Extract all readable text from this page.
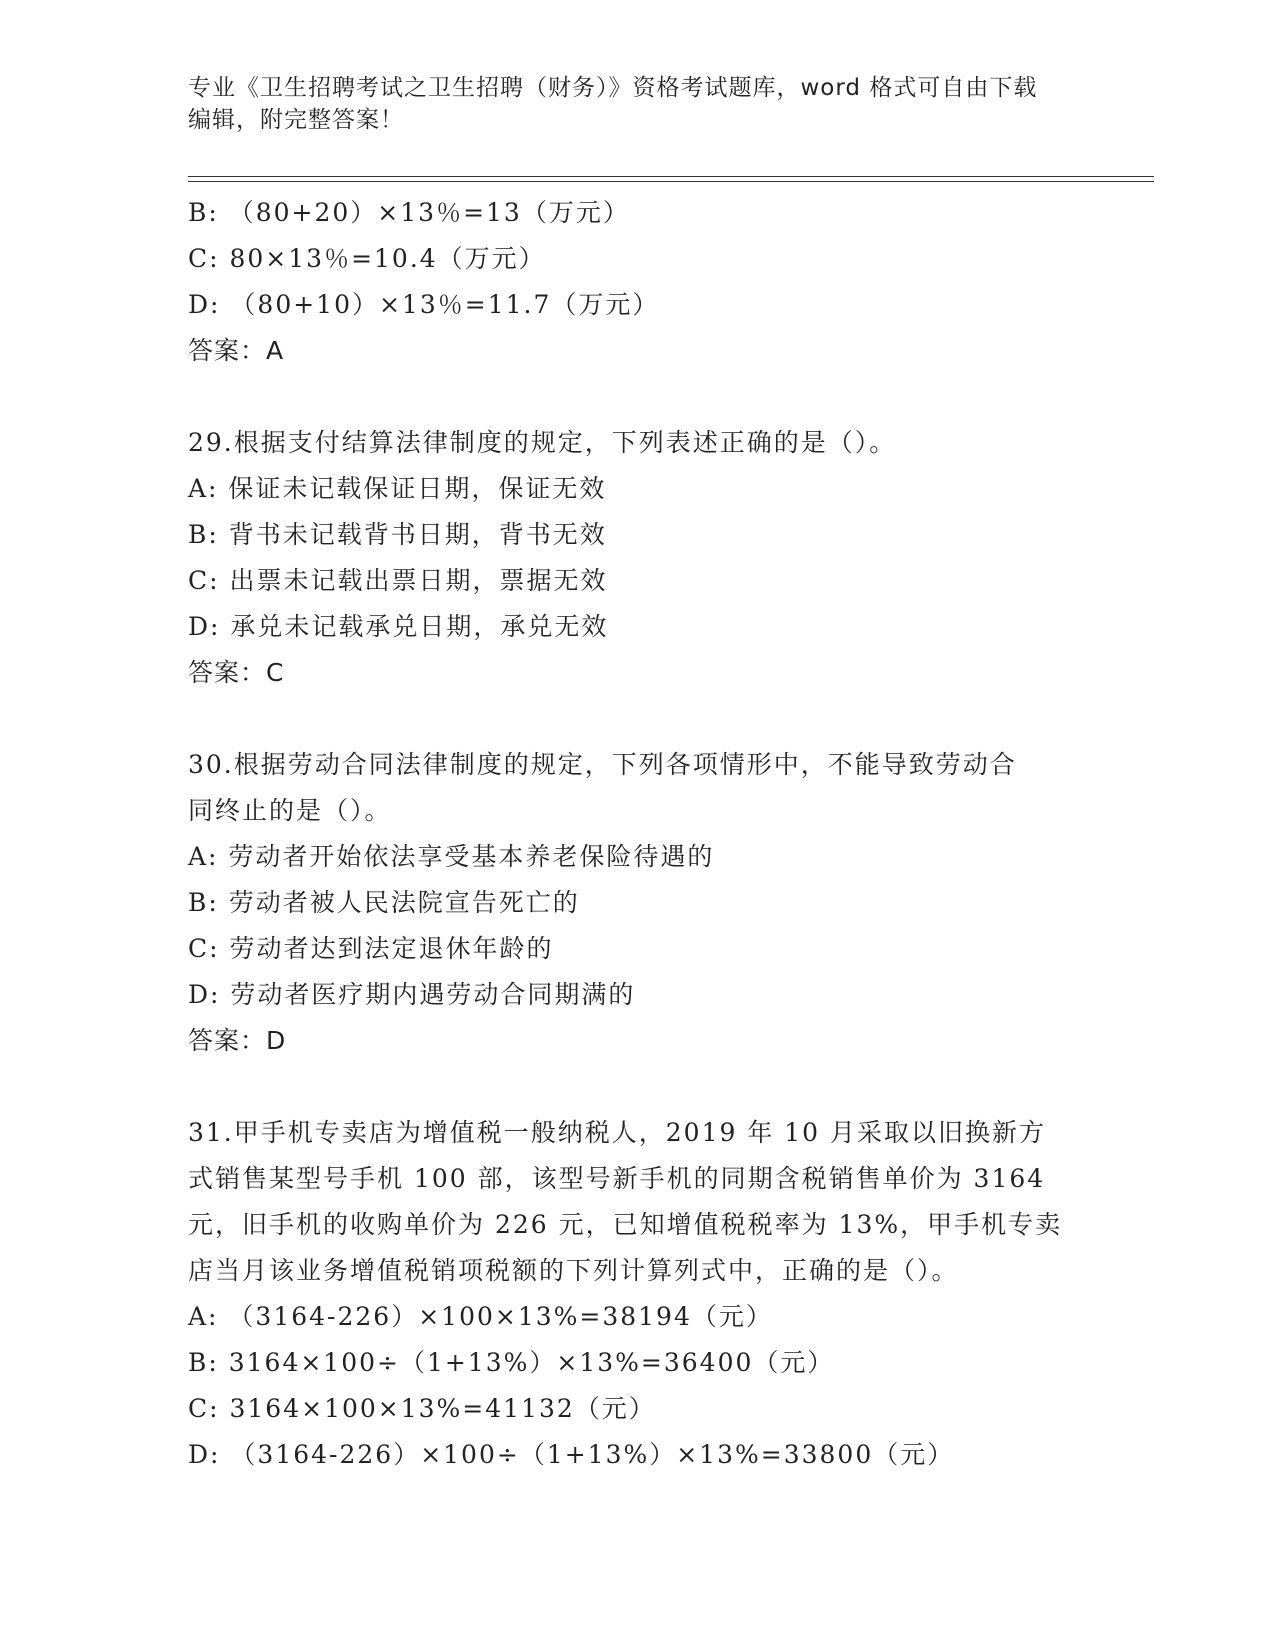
专业《卫生招聘考试之卫生招聘（财务）》资格考试题库，word 格式可自由下载
编辑，附完整答案！
B: （80+20）×13％=13（万元）
C: 80×13％=10.4（万元）
D: （80+10）×13％=11.7（万元）
答案：A
29.根据支付结算法律制度的规定，下列表述正确的是（）。
A: 保证未记载保证日期，保证无效
B: 背书未记载背书日期，背书无效
C: 出票未记载出票日期，票据无效
D: 承兑未记载承兑日期，承兑无效
答案：C
30.根据劳动合同法律制度的规定，下列各项情形中，不能导致劳动合
同终止的是（）。
A: 劳动者开始依法享受基本养老保险待遇的
B: 劳动者被人民法院宣告死亡的
C: 劳动者达到法定退休年龄的
D: 劳动者医疗期内遇劳动合同期满的
答案：D
31.甲手机专卖店为增值税一般纳税人，2019 年 10 月采取以旧换新方
式销售某型号手机 100 部，该型号新手机的同期含税销售单价为 3164
元，旧手机的收购单价为 226 元，已知增值税税率为 13%，甲手机专卖
店当月该业务增值税销项税额的下列计算列式中，正确的是（）。
A: （3164-226）×100×13%=38194（元）
B: 3164×100÷（1+13%）×13%=36400（元）
C: 3164×100×13%=41132（元）
D: （3164-226）×100÷（1+13%）×13%=33800（元）
